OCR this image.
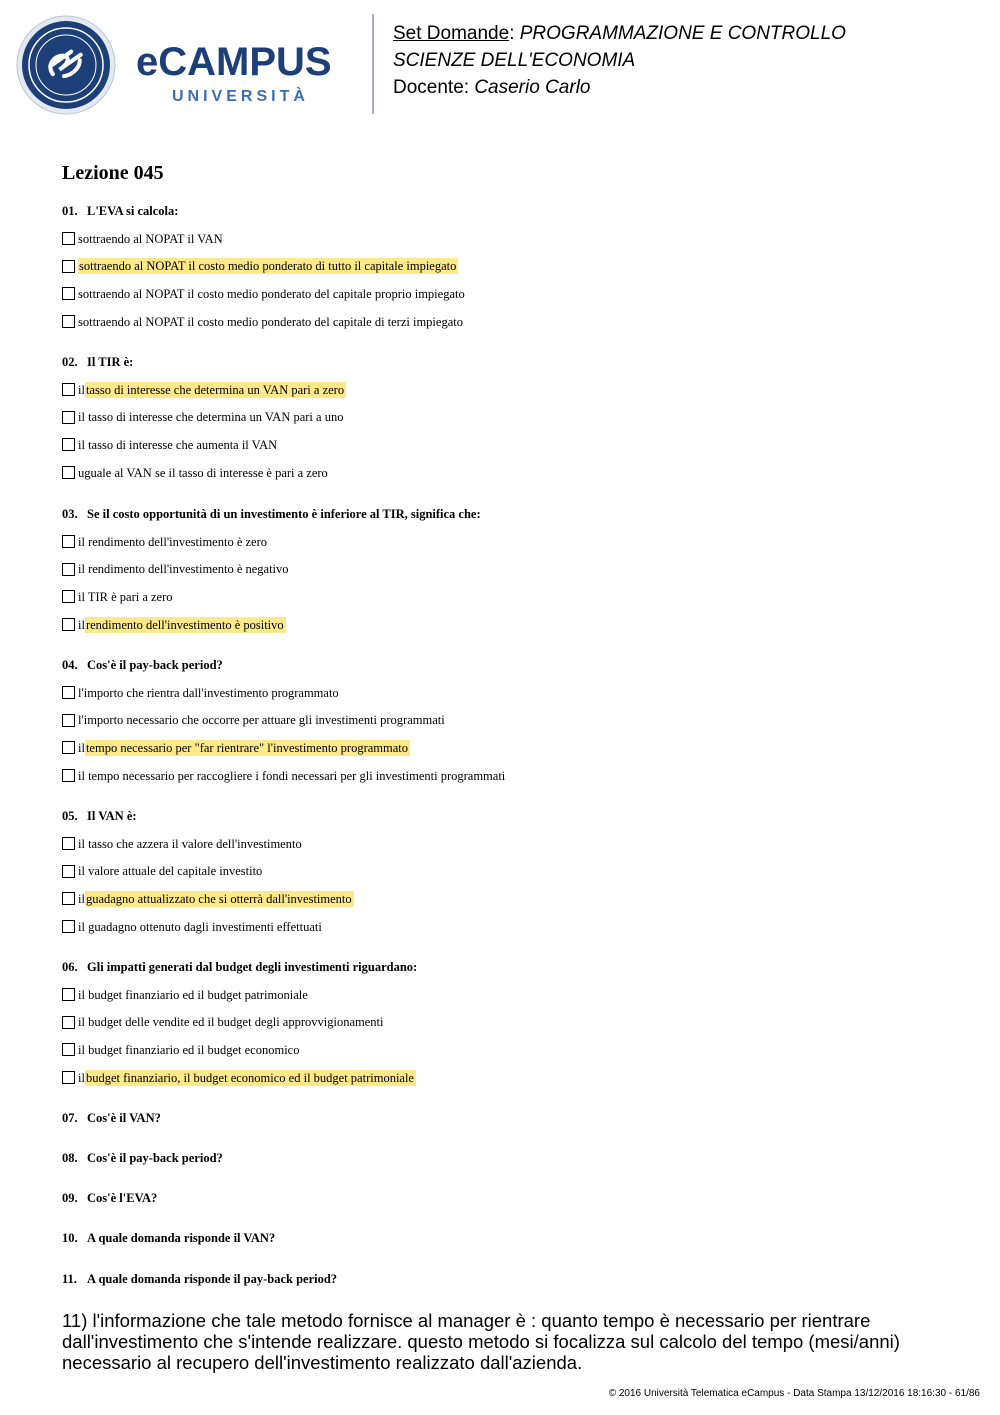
eCAMPUS
UNIVERSITÀ
Set Domande: PROGRAMMAZIONE E CONTROLLO
SCIENZE DELL'ECONOMIA
Docente: Caserio Carlo
Lezione 045
01. L'EVA si calcola:
sottraendo al NOPAT il VAN
sottraendo al NOPAT il costo medio ponderato di tutto il capitale impiegato
sottraendo al NOPAT il costo medio ponderato del capitale proprio impiegato
sottraendo al NOPAT il costo medio ponderato del capitale di terzi impiegato
02. Il TIR è:
il tasso di interesse che determina un VAN pari a zero
il tasso di interesse che determina un VAN pari a uno
il tasso di interesse che aumenta il VAN
uguale al VAN se il tasso di interesse è pari a zero
03. Se il costo opportunità di un investimento è inferiore al TIR, significa che:
il rendimento dell'investimento è zero
il rendimento dell'investimento è negativo
il TIR è pari a zero
il rendimento dell'investimento è positivo
04. Cos'è il pay-back period?
l'importo che rientra dall'investimento programmato
l'importo necessario che occorre per attuare gli investimenti programmati
il tempo necessario per "far rientrare" l'investimento programmato
il tempo necessario per raccogliere i fondi necessari per gli investimenti programmati
05. Il VAN è:
il tasso che azzera il valore dell'investimento
il valore attuale del capitale investito
il guadagno attualizzato che si otterrà dall'investimento
il guadagno ottenuto dagli investimenti effettuati
06. Gli impatti generati dal budget degli investimenti riguardano:
il budget finanziario ed il budget patrimoniale
il budget delle vendite ed il budget degli approvvigionamenti
il budget finanziario ed il budget economico
il budget finanziario, il budget economico ed il budget patrimoniale
07. Cos'è il VAN?
08. Cos'è il pay-back period?
09. Cos'è l'EVA?
10. A quale domanda risponde il VAN?
11. A quale domanda risponde il pay-back period?
11) l'informazione che tale metodo fornisce al manager è : quanto tempo è necessario per rientrare dall'investimento che s'intende realizzare. questo metodo si focalizza sul calcolo del tempo (mesi/anni) necessario al recupero dell'investimento realizzato dall'azienda.
© 2016 Università Telematica eCampus - Data Stampa 13/12/2016 18:16:30 - 61/86
